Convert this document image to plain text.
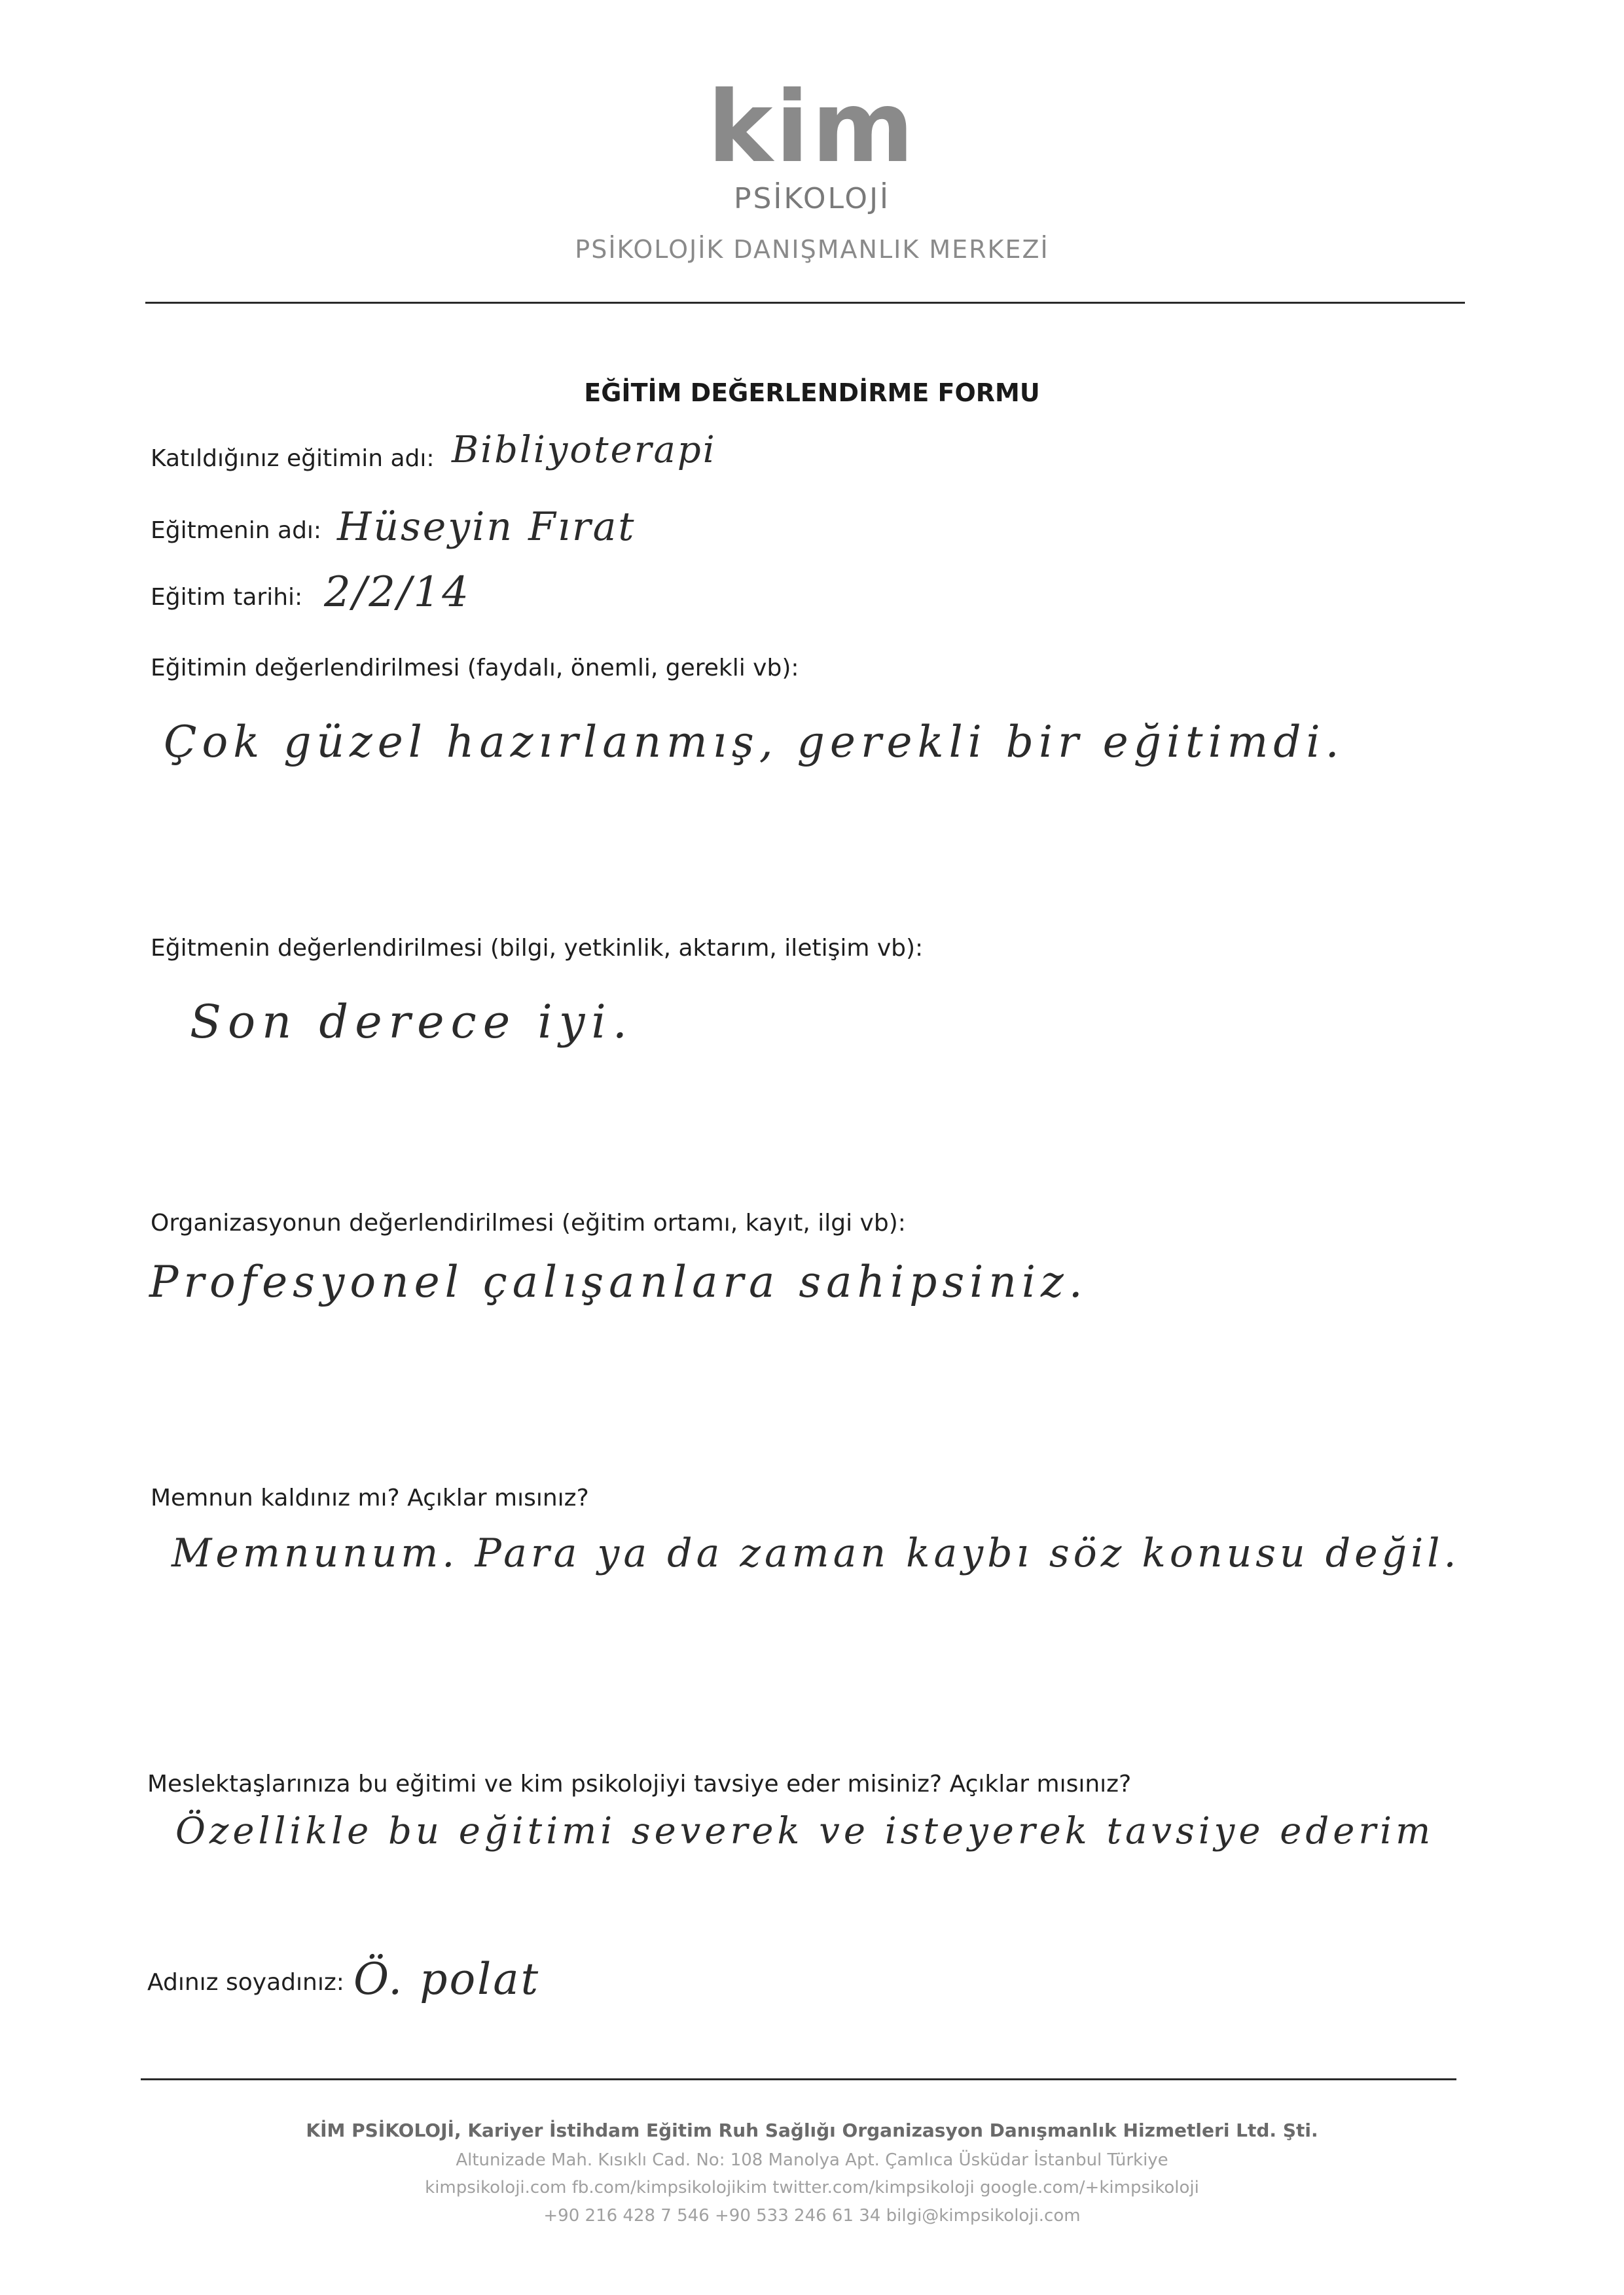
kim
PSİKOLOJİ
PSİKOLOJİK DANIŞMANLIK MERKEZİ
EĞİTİM DEĞERLENDİRME FORMU
Katıldığınız eğitimin adı: Bibliyoterapi
Eğitmenin adı: Hüseyin Fırat
Eğitim tarihi: 2/2/14
Eğitimin değerlendirilmesi (faydalı, önemli, gerekli vb):
Çok güzel hazırlanmış, gerekli bir eğitimdi.
Eğitmenin değerlendirilmesi (bilgi, yetkinlik, aktarım, iletişim vb):
Son derece iyi.
Organizasyonun değerlendirilmesi (eğitim ortamı, kayıt, ilgi vb):
Profesyonel çalışanlara sahipsiniz.
Memnun kaldınız mı? Açıklar mısınız?
Memnunum. Para ya da zaman kaybı söz konusu değil.
Meslektaşlarınıza bu eğitimi ve kim psikolojiyi tavsiye eder misiniz? Açıklar mısınız?
Özellikle bu eğitimi severek ve isteyerek tavsiye ederim
Adınız soyadınız: Ö. polat
KİM PSİKOLOJİ, Kariyer İstihdam Eğitim Ruh Sağlığı Organizasyon Danışmanlık Hizmetleri Ltd. Şti.
Altunizade Mah. Kısıklı Cad. No: 108 Manolya Apt. Çamlıca Üsküdar İstanbul Türkiye
kimpsikoloji.com fb.com/kimpsikolojikim twitter.com/kimpsikoloji google.com/+kimpsikoloji
+90 216 428 7 546 +90 533 246 61 34 bilgi@kimpsikoloji.com
